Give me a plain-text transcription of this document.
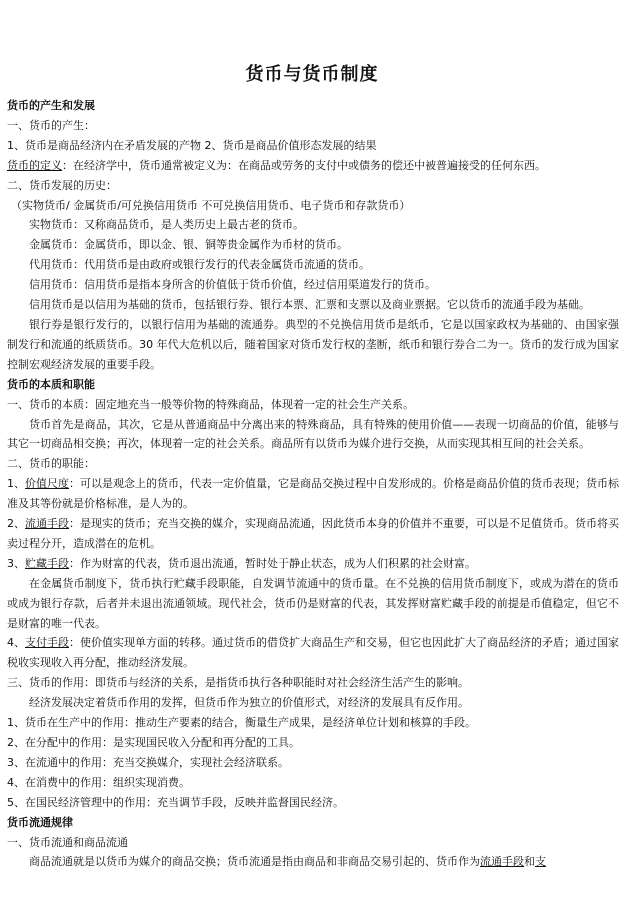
货币与货币制度

货币的产生和发展

一、货币的产生：

1、货币是商品经济内在矛盾发展的产物 2、货币是商品价值形态发展的结果

货币的定义：在经济学中，货币通常被定义为：在商品或劳务的支付中或债务的偿还中被普遍接受的任何东西。

二、货币发展的历史：

（实物货币/ 金属货币/可兑换信用货币 不可兑换信用货币、电子货币和存款货币）

实物货币：又称商品货币，是人类历史上最古老的货币。

金属货币：金属货币，即以金、银、铜等贵金属作为币材的货币。

代用货币：代用货币是由政府或银行发行的代表金属货币流通的货币。

信用货币：信用货币是指本身所含的价值低于货币价值，经过信用渠道发行的货币。

信用货币是以信用为基础的货币，包括银行券、银行本票、汇票和支票以及商业票据。它以货币的流通手段为基础。

银行券是银行发行的，以银行信用为基础的流通券。典型的不兑换信用货币是纸币，它是以国家政权为基础的、由国家强制发行和流通的纸质货币。30 年代大危机以后，随着国家对货币发行权的垄断，纸币和银行券合二为一。货币的发行成为国家控制宏观经济发展的重要手段。

货币的本质和职能

一、货币的本质：固定地充当一般等价物的特殊商品，体现着一定的社会生产关系。

货币首先是商品，其次，它是从普通商品中分离出来的特殊商品，具有特殊的使用价值——表现一切商品的价值，能够与其它一切商品相交换；再次，体现着一定的社会关系。商品所有以货币为媒介进行交换，从而实现其相互间的社会关系。

二、货币的职能：

1、价值尺度：可以是观念上的货币，代表一定价值量，它是商品交换过程中自发形成的。价格是商品价值的货币表现；货币标准及其等份就是价格标准，是人为的。

2、流通手段：是现实的货币；充当交换的媒介，实现商品流通，因此货币本身的价值并不重要，可以是不足值货币。货币将买卖过程分开，造成潜在的危机。

3、贮藏手段：作为财富的代表，货币退出流通，暂时处于静止状态，成为人们积累的社会财富。

在金属货币制度下，货币执行贮藏手段职能，自发调节流通中的货币量。在不兑换的信用货币制度下，或成为潜在的货币或成为银行存款，后者并未退出流通领域。现代社会，货币仍是财富的代表，其发挥财富贮藏手段的前提是币值稳定，但它不是财富的唯一代表。

4、支付手段：使价值实现单方面的转移。通过货币的借贷扩大商品生产和交易，但它也因此扩大了商品经济的矛盾；通过国家税收实现收入再分配，推动经济发展。

三、货币的作用：即货币与经济的关系，是指货币执行各种职能时对社会经济生活产生的影响。

经济发展决定着货币作用的发挥，但货币作为独立的价值形式，对经济的发展具有反作用。

1、货币在生产中的作用：推动生产要素的结合，衡量生产成果，是经济单位计划和核算的手段。

2、在分配中的作用：是实现国民收入分配和再分配的工具。

3、在流通中的作用：充当交换媒介，实现社会经济联系。

4、在消费中的作用：组织实现消费。

5、在国民经济管理中的作用：充当调节手段，反映并监督国民经济。

货币流通规律

一、货币流通和商品流通

商品流通就是以货币为媒介的商品交换；货币流通是指由商品和非商品交易引起的、货币作为流通手段和支
